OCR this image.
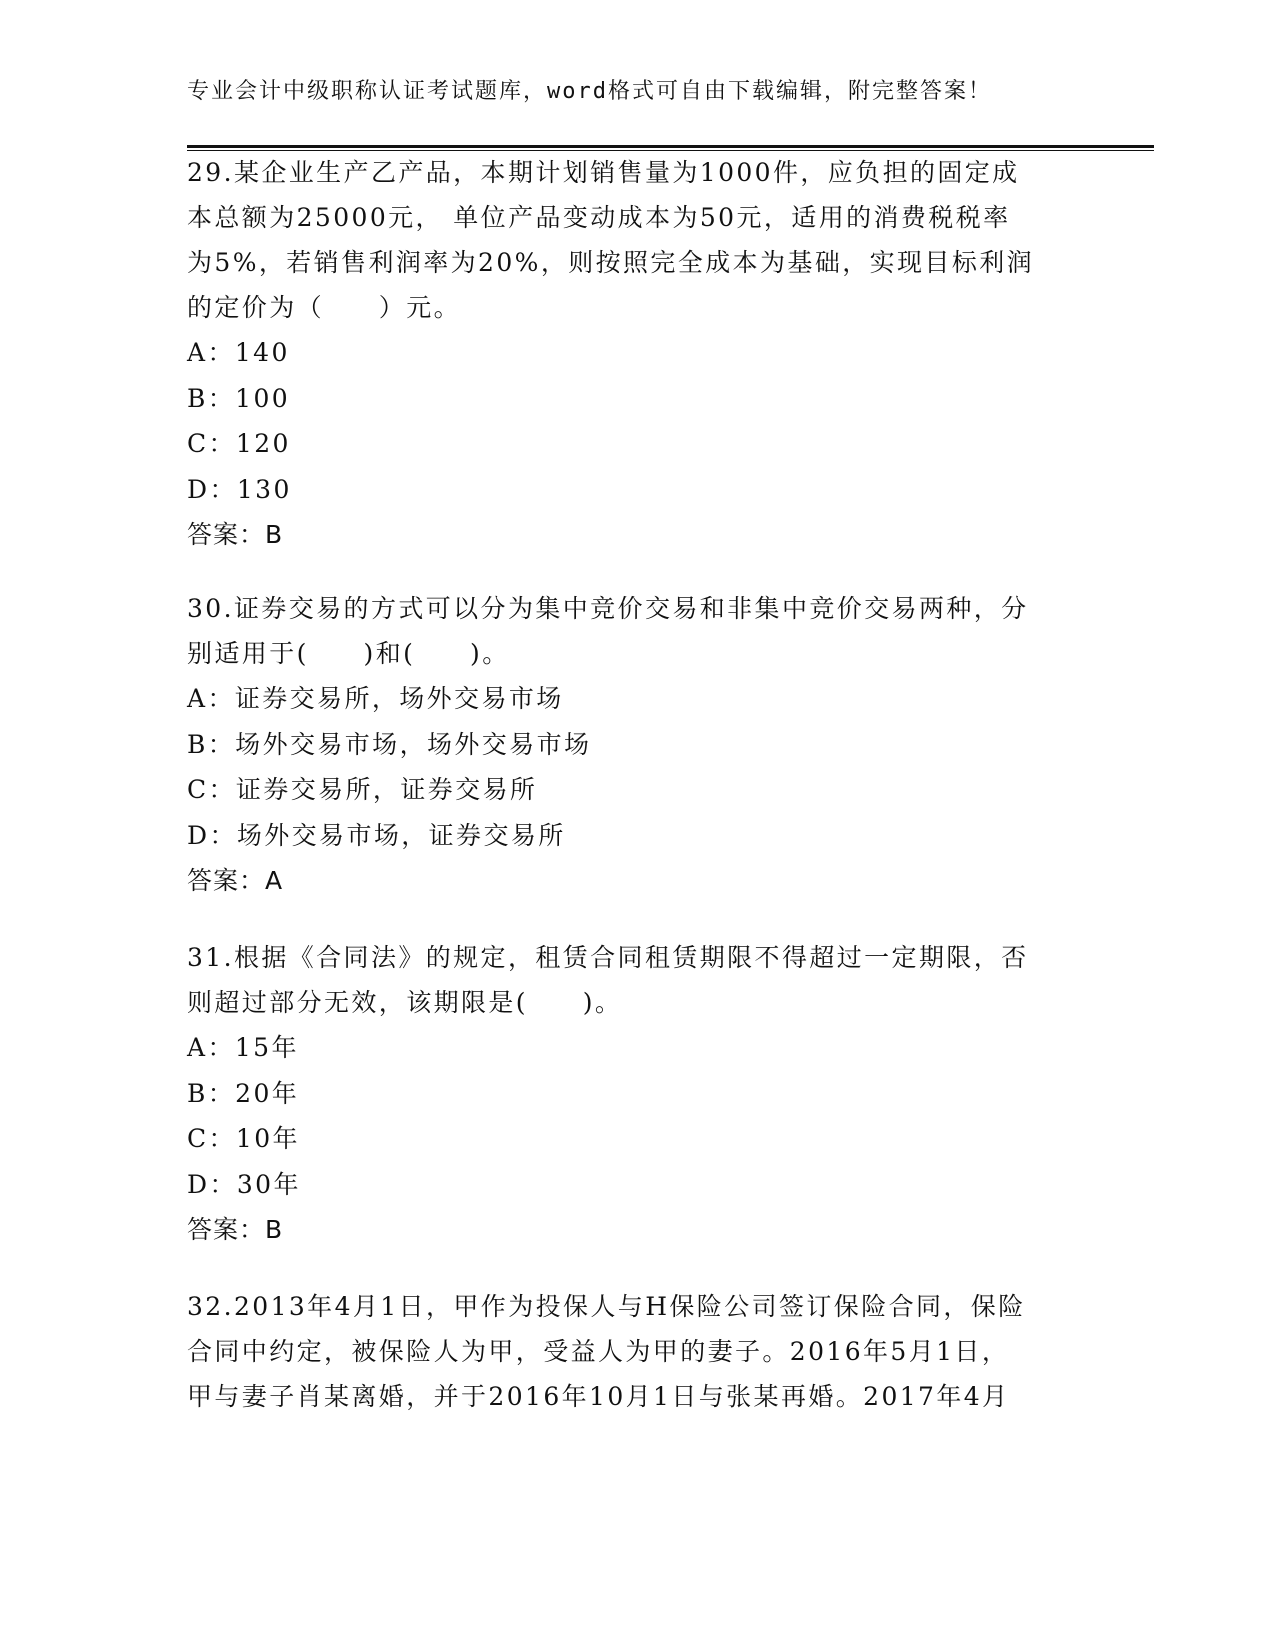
专业会计中级职称认证考试题库，word格式可自由下载编辑，附完整答案！

29.某企业生产乙产品，本期计划销售量为1000件，应负担的固定成
本总额为25000元， 单位产品变动成本为50元，适用的消费税税率
为5%，若销售利润率为20%，则按照完全成本为基础，实现目标利润
的定价为（　　）元。

A：140
B：100
C：120
D：130
答案：B

30.证券交易的方式可以分为集中竞价交易和非集中竞价交易两种，分
别适用于(　　)和(　　)。

A：证券交易所，场外交易市场
B：场外交易市场，场外交易市场
C：证券交易所，证券交易所
D：场外交易市场，证券交易所
答案：A

31.根据《合同法》的规定，租赁合同租赁期限不得超过一定期限，否
则超过部分无效，该期限是(　　)。

A：15年
B：20年
C：10年
D：30年
答案：B

32.2013年4月1日，甲作为投保人与H保险公司签订保险合同，保险
合同中约定，被保险人为甲，受益人为甲的妻子。2016年5月1日，
甲与妻子肖某离婚，并于2016年10月1日与张某再婚。2017年4月
